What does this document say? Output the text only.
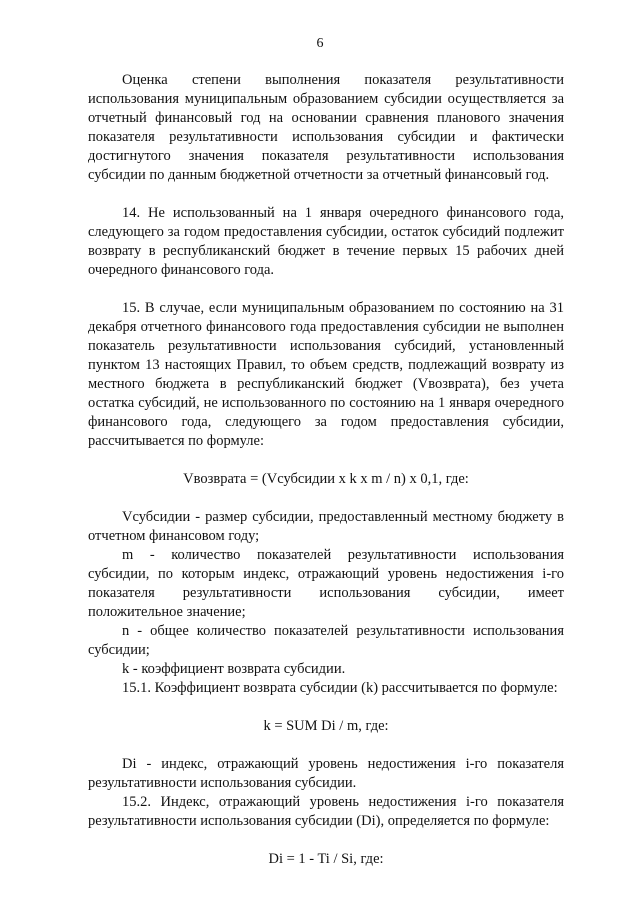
6

Оценка степени выполнения показателя результативности использования муниципальным образованием субсидии осуществляется за отчетный финансовый год на основании сравнения планового значения показателя результативности использования субсидии и фактически достигнутого значения показателя результативности использования субсидии по данным бюджетной отчетности за отчетный финансовый год.

14. Не использованный на 1 января очередного финансового года, следующего за годом предоставления субсидии, остаток субсидий подлежит возврату в республиканский бюджет в течение первых 15 рабочих дней очередного финансового года.

15. В случае, если муниципальным образованием по состоянию на 31 декабря отчетного финансового года предоставления субсидии не выполнен показатель результативности использования субсидий, установленный пунктом 13 настоящих Правил, то объем средств, подлежащий возврату из местного бюджета в республиканский бюджет (Vвозврата), без учета остатка субсидий, не использованного по состоянию на 1 января очередного финансового года, следующего за годом предоставления субсидии, рассчитывается по формуле:

Vвозврата = (Vсубсидии x k x m / n) x 0,1, где:

Vсубсидии - размер субсидии, предоставленный местному бюджету в отчетном финансовом году;

m - количество показателей результативности использования субсидии, по которым индекс, отражающий уровень недостижения i-го показателя результативности использования субсидии, имеет положительное значение;

n - общее количество показателей результативности использования субсидии;

k - коэффициент возврата субсидии.

15.1. Коэффициент возврата субсидии (k) рассчитывается по формуле:

k = SUM Di / m, где:

Di - индекс, отражающий уровень недостижения i-го показателя результативности использования субсидии.

15.2. Индекс, отражающий уровень недостижения i-го показателя результативности использования субсидии (Di), определяется по формуле:

Di = 1 - Ti / Si, где:
